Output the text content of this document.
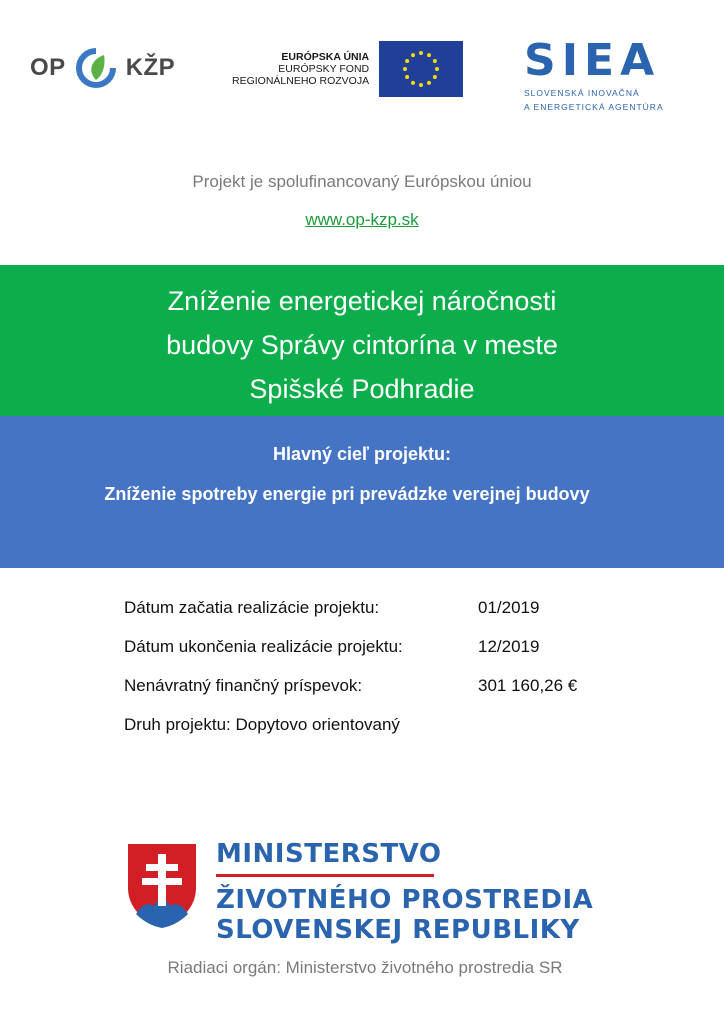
OP	KŽP	EURÓPSKA ÚNIA
EURÓPSKY FOND
REGIONÁLNEHO ROZVOJA	SIEA
SLOVENSKÁ INOVAČNÁ
A ENERGETICKÁ AGENTÚRA
Projekt je spolufinancovaný Európskou úniou
www.op-kzp.sk
Zníženie energetickej náročnosti
budovy Správy cintorína v meste
Spišské Podhradie
Hlavný cieľ projektu:
Zníženie spotreby energie pri prevádzke verejnej budovy
Dátum začatia realizácie projektu:	01/2019
Dátum ukončenia realizácie projektu:	12/2019
Nenávratný finančný príspevok:	301 160,26 €
Druh projektu: Dopytovo orientovaný
MINISTERSTVO
ŽIVOTNÉHO PROSTREDIA
SLOVENSKEJ REPUBLIKY
Riadiaci orgán: Ministerstvo životného prostredia SR
